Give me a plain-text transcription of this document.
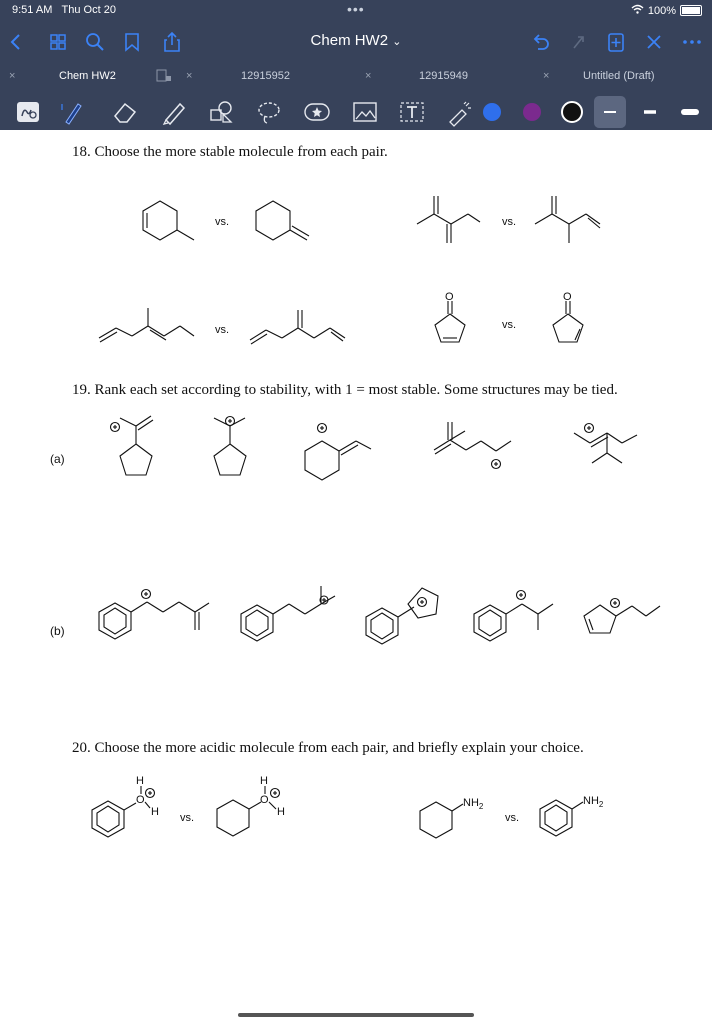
9:51 AM Thu Oct 20	•••	100%
Chem HW2 ⌄
×	Chem HW2	×	12915952	×	12915949	×	Untitled (Draft)
18. Choose the more stable molecule from each pair.
19. Rank each set according to stability, with 1 = most stable. Some structures may be tied.
20. Choose the more acidic molecule from each pair, and briefly explain your choice.
vs.	vs.
vs.	vs.
(a)
(b)
vs.	vs.
O	O
H
O
H
H
O
H
$NH_2$	$NH_2$
